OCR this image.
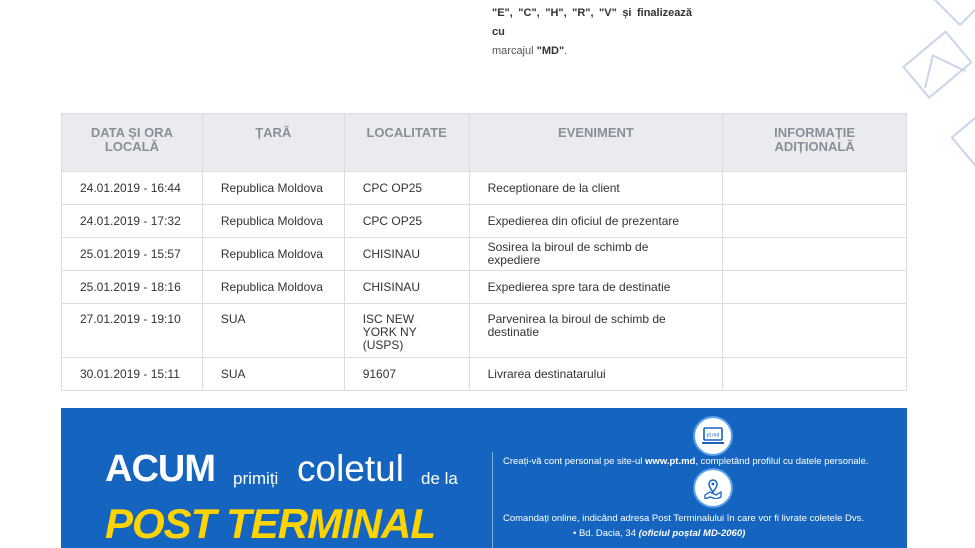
"E", "C", "H", "R", "V" și finalizează cu
marcajul "MD".
DATA ȘI ORA LOCALĂ	ȚARĂ	LOCALITATE	EVENIMENT	INFORMAȚIE ADIȚIONALĂ
24.01.2019 - 16:44	Republica Moldova	CPC OP25	Receptionare de la client	
24.01.2019 - 17:32	Republica Moldova	CPC OP25	Expedierea din oficiul de prezentare	
25.01.2019 - 15:57	Republica Moldova	CHISINAU	Sosirea la biroul de schimb de expediere	
25.01.2019 - 18:16	Republica Moldova	CHISINAU	Expedierea spre tara de destinatie	
27.01.2019 - 19:10	SUA	ISC NEW YORK NY (USPS)	Parvenirea la biroul de schimb de destinatie	
30.01.2019 - 15:11	SUA	91607	Livrarea destinatarului	
ACUM primiți coletul de la
POST TERMINAL
pt.md
Creați-vă cont personal pe site-ul www.pt.md, completând profilul cu datele personale.
Comandați online, indicând adresa Post Terminalului în care vor fi livrate coletele Dvs.
• Bd. Dacia, 34 (oficiul poștal MD-2060)
